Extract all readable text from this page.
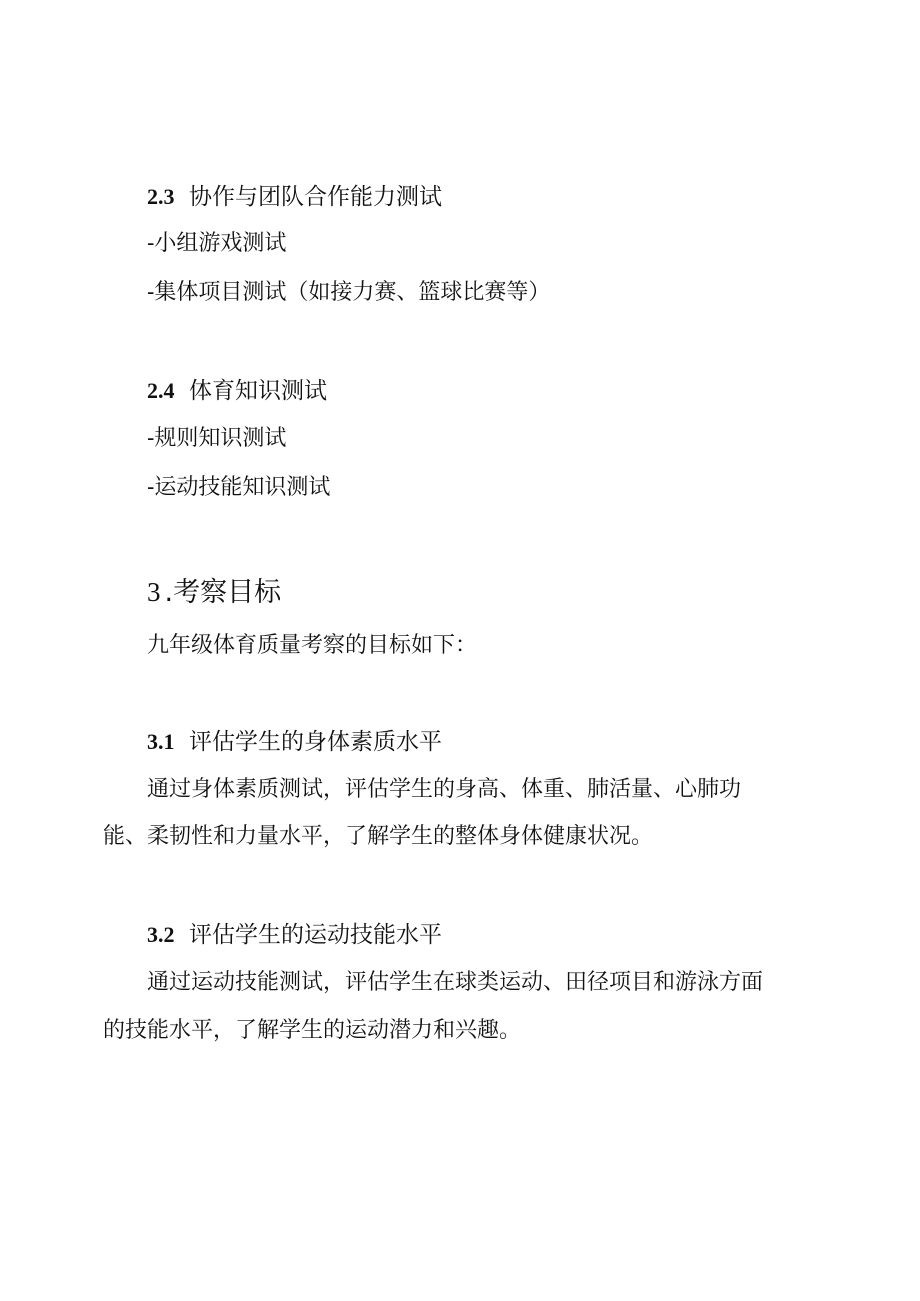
2.3 协作与团队合作能力测试
-小组游戏测试
-集体项目测试（如接力赛、篮球比赛等）
2.4 体育知识测试
-规则知识测试
-运动技能知识测试
3 .考察目标
九年级体育质量考察的目标如下：
3.1 评估学生的身体素质水平
通过身体素质测试，评估学生的身高、体重、肺活量、心肺功
能、柔韧性和力量水平，了解学生的整体身体健康状况。
3.2 评估学生的运动技能水平
通过运动技能测试，评估学生在球类运动、田径项目和游泳方面
的技能水平，了解学生的运动潜力和兴趣。
